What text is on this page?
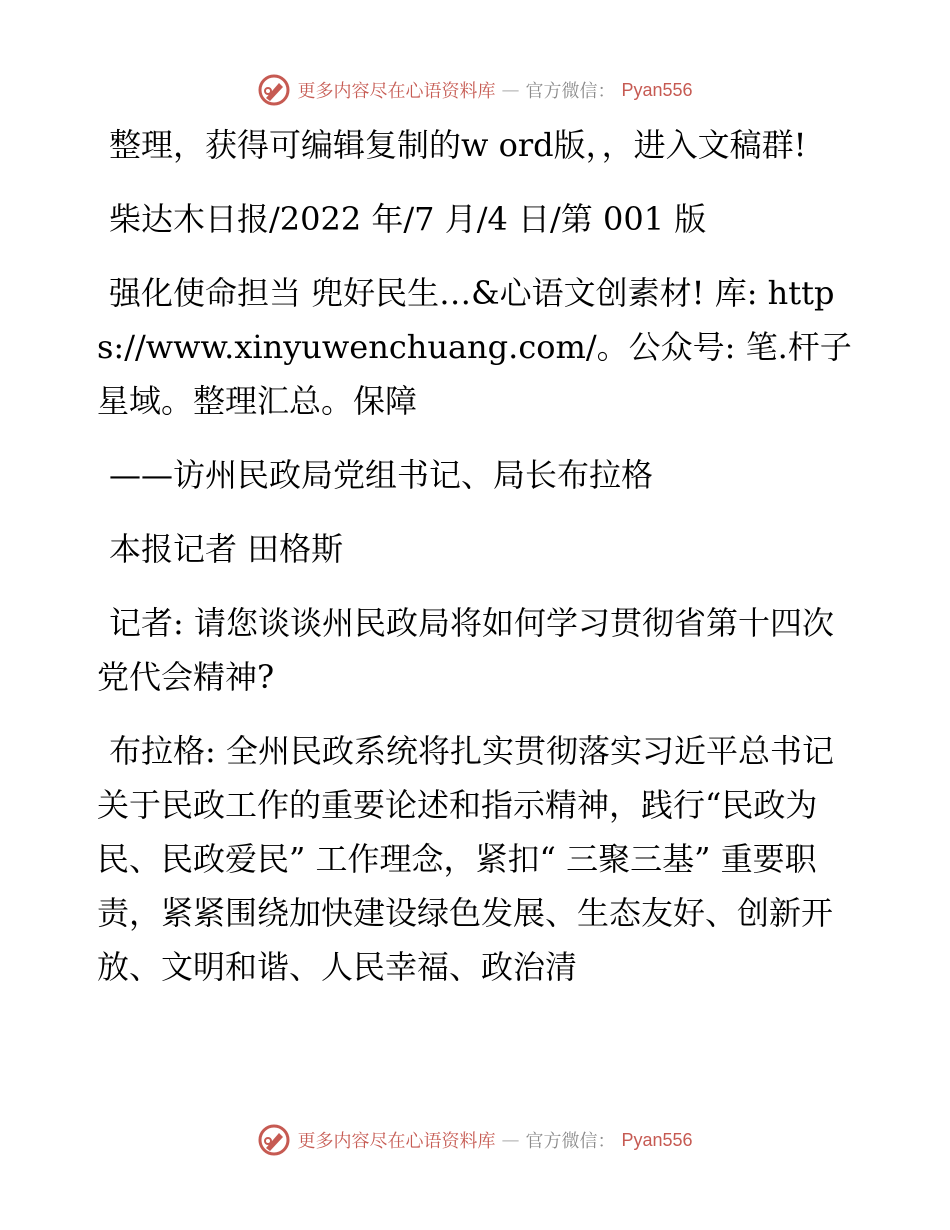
更多内容尽在心语资料库 — 官方微信： Pyan556

整理，获得可编辑复制的w ord版，，进入文稿群!

柴达木日报/2022 年/7 月/4 日/第 001 版

强化使命担当 兜好民生…&心语文创素材! 库: https://www.xinyuwenchuang.com/。公众号: 笔.杆子星域。整理汇总。保障

——访州民政局党组书记、局长布拉格

本报记者 田格斯

记者: 请您谈谈州民政局将如何学习贯彻省第十四次党代会精神?

布拉格: 全州民政系统将扎实贯彻落实习近平总书记关于民政工作的重要论述和指示精神，践行“民政为民、民政爱民” 工作理念，紧扣“ 三聚三基” 重要职责，紧紧围绕加快建设绿色发展、生态友好、创新开放、文明和谐、人民幸福、政治清

更多内容尽在心语资料库 — 官方微信： Pyan556
